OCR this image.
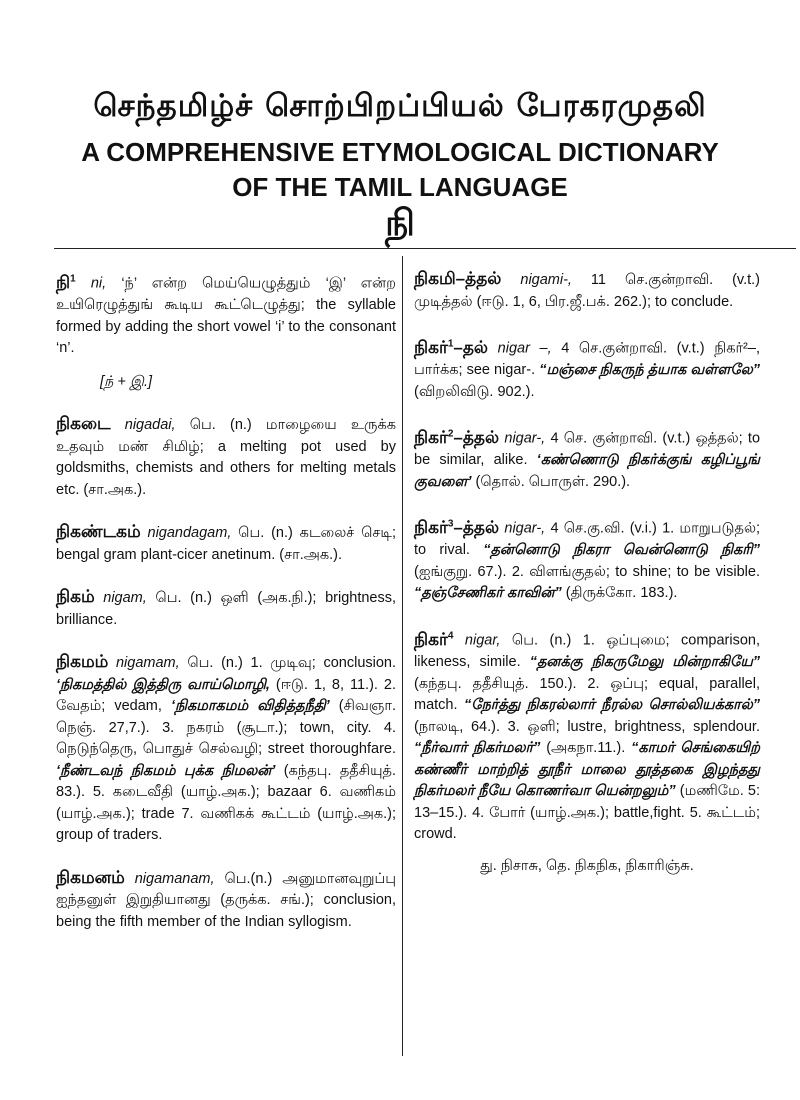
செந்தமிழ்ச் சொற்பிறப்பியல் பேரகரமுதலி
A COMPREHENSIVE ETYMOLOGICAL DICTIONARY
OF THE TAMIL LANGUAGE
நி
நி$^1$ ni, ‘ந்’ என்ற மெய்யெழுத்தும் ‘இ’ என்ற உயிரெழுத்துங் கூடிய கூட்டெழுத்து; the syllable formed by adding the short vowel ‘i’ to the consonant ‘n’.
[ந் + இ.]
நிகடை nigadai, பெ. (n.) மாழையை உருக்க உதவும் மண் சிமிழ்; a melting pot used by goldsmiths, chemists and others for melting metals etc. (சா.அக.).
நிகண்டகம் nigandagam, பெ. (n.) கடலைச் செடி; bengal gram plant-cicer anetinum. (சா.அக.).
நிகம் nigam, பெ. (n.) ஒளி (அக.நி.); brightness, brilliance.
நிகமம் nigamam, பெ. (n.) 1. முடிவு; conclusion. ‘நிகமத்தில் இத்திரு வாய்மொழி, (ஈடு. 1, 8, 11.). 2. வேதம்; vedam, ‘நிகமாகமம் விதித்தநீதி’ (சிவஞா. நெஞ். 27,7.). 3. நகரம் (சூடா.); town, city. 4. நெடுந்தெரு, பொதுச் செல்வழி; street thoroughfare. ‘நீண்டவந் நிகமம் புக்க நிமலன்’ (கந்தபு. ததீசியுத். 83.). 5. கடைவீதி (யாழ்.அக.); bazaar 6. வணிகம் (யாழ்.அக.); trade 7. வணிகக் கூட்டம் (யாழ்.அக.); group of traders.
நிகமனம் nigamanam, பெ.(n.) அனுமானவுறுப்பு ஐந்தனுள் இறுதியானது (தருக்க. சங்.); conclusion, being the fifth member of the Indian syllogism.
நிகமி–த்தல் nigami-, 11 செ.குன்றாவி. (v.t.) முடித்தல் (ஈடு. 1, 6, பிர.ஜீ.பக். 262.); to conclude.
நிகர்$^1$–தல் nigar –, 4 செ.குன்றாவி. (v.t.) நிகர்²–, பார்க்க; see nigar-. “மஞ்சை நிகருந் த்யாக வள்ளலே” (விறலிவிடு. 902.).
நிகர்$^2$–த்தல் nigar-, 4 செ. குன்றாவி. (v.t.) ஒத்தல்; to be similar, alike. ‘கண்ணொடு நிகர்க்குங் கழிப்பூங் குவளை’ (தொல். பொருள். 290.).
நிகர்$^3$–த்தல் nigar-, 4 செ.கு.வி. (v.i.) 1. மாறுபடுதல்; to rival. “தன்னொடு நிகரா வென்னொடு நிகரி” (ஐங்குறு. 67.). 2. விளங்குதல்; to shine; to be visible. “தஞ்சேணிகர் காவின்” (திருக்கோ. 183.).
நிகர்$^4$ nigar, பெ. (n.) 1. ஒப்புமை; comparison, likeness, simile. “தனக்கு நிகருமேலு மின்றாகியே” (கந்தபு. ததீசியுத். 150.). 2. ஒப்பு; equal, parallel, match. “நேர்த்து நிகரல்லார் நீரல்ல சொல்லியக்கால்” (நாலடி, 64.). 3. ஒளி; lustre, brightness, splendour. “நீர்வார் நிகர்மலர்” (அகநா.11.). “காமர் செங்கையிற் கண்ணீர் மாற்றித் தூநீர் மாலை தூத்தகை இழந்தது நிகர்மலர் நீயே கொணர்வா யென்றலும்” (மணிமே. 5: 13–15.). 4. போர் (யாழ்.அக.); battle,fight. 5. கூட்டம்; crowd.
து. நிசாசு, தெ. நிகநிக, நிகாரிஞ்சு.
